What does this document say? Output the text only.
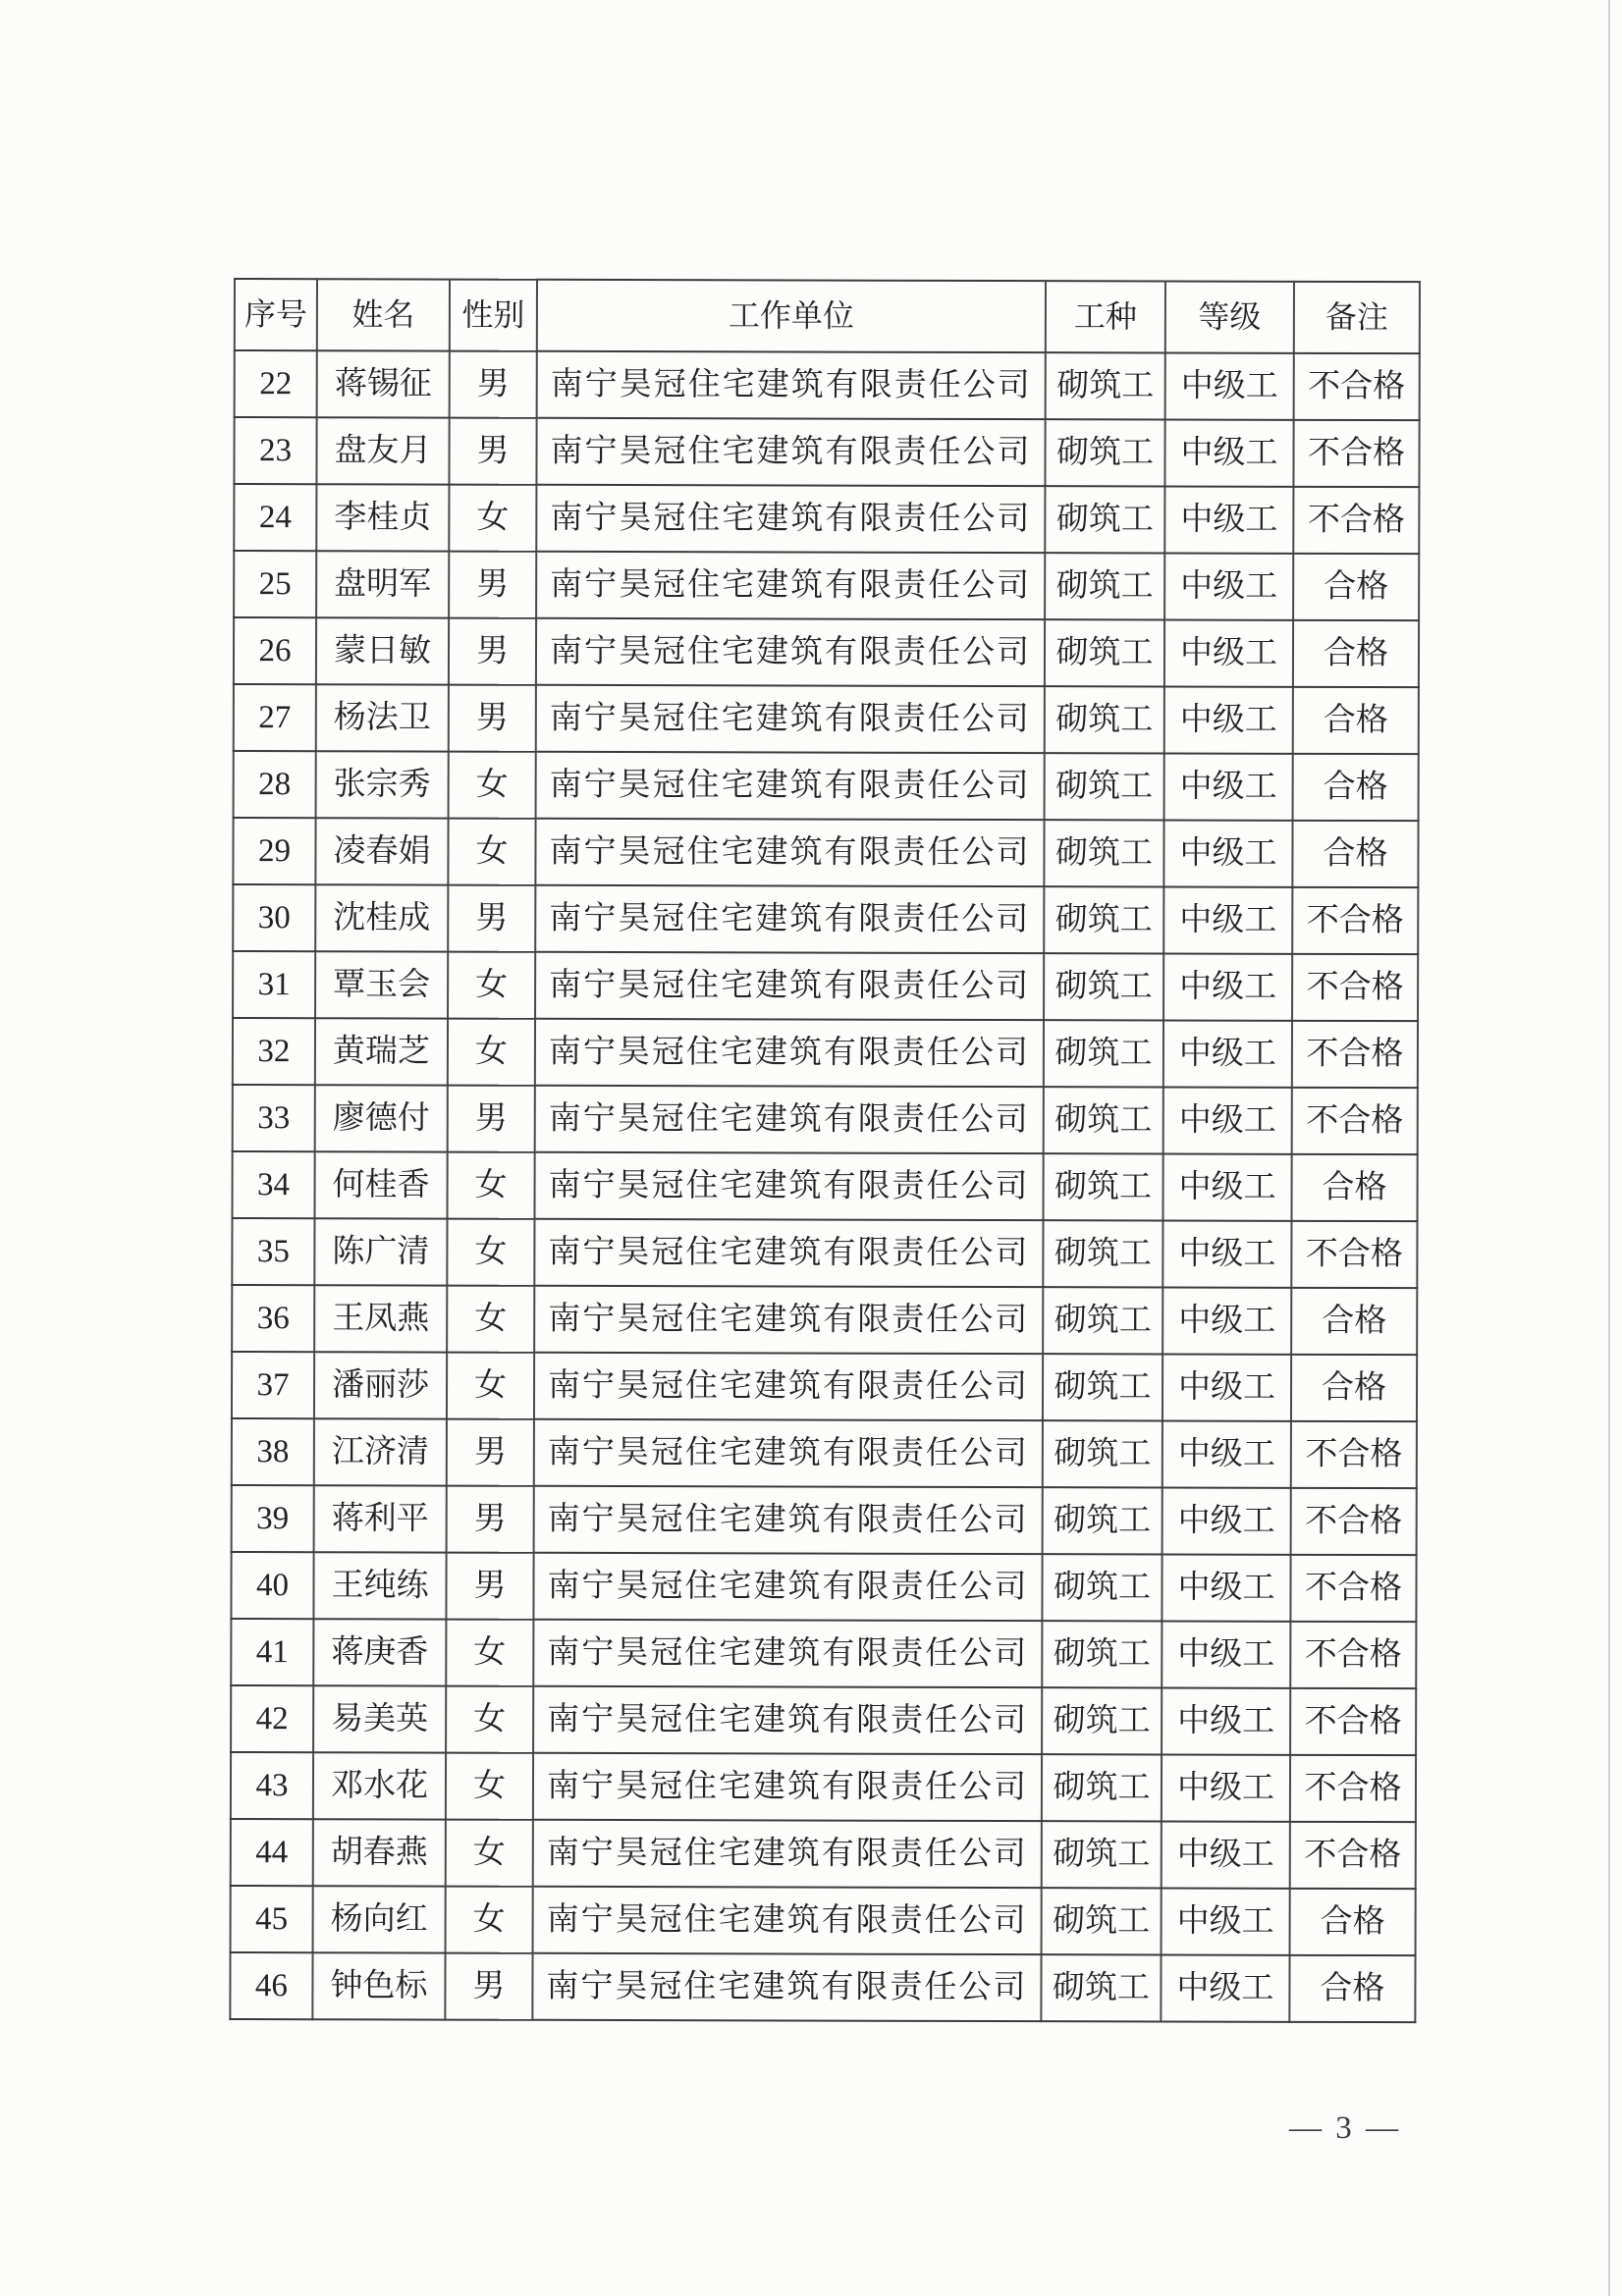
序号	姓名	性别	工作单位	工种	等级	备注
22	蒋锡征	男	南宁昊冠住宅建筑有限责任公司	砌筑工	中级工	不合格
23	盘友月	男	南宁昊冠住宅建筑有限责任公司	砌筑工	中级工	不合格
24	李桂贞	女	南宁昊冠住宅建筑有限责任公司	砌筑工	中级工	不合格
25	盘明军	男	南宁昊冠住宅建筑有限责任公司	砌筑工	中级工	合格
26	蒙日敏	男	南宁昊冠住宅建筑有限责任公司	砌筑工	中级工	合格
27	杨法卫	男	南宁昊冠住宅建筑有限责任公司	砌筑工	中级工	合格
28	张宗秀	女	南宁昊冠住宅建筑有限责任公司	砌筑工	中级工	合格
29	凌春娟	女	南宁昊冠住宅建筑有限责任公司	砌筑工	中级工	合格
30	沈桂成	男	南宁昊冠住宅建筑有限责任公司	砌筑工	中级工	不合格
31	覃玉会	女	南宁昊冠住宅建筑有限责任公司	砌筑工	中级工	不合格
32	黄瑞芝	女	南宁昊冠住宅建筑有限责任公司	砌筑工	中级工	不合格
33	廖德付	男	南宁昊冠住宅建筑有限责任公司	砌筑工	中级工	不合格
34	何桂香	女	南宁昊冠住宅建筑有限责任公司	砌筑工	中级工	合格
35	陈广清	女	南宁昊冠住宅建筑有限责任公司	砌筑工	中级工	不合格
36	王凤燕	女	南宁昊冠住宅建筑有限责任公司	砌筑工	中级工	合格
37	潘丽莎	女	南宁昊冠住宅建筑有限责任公司	砌筑工	中级工	合格
38	江济清	男	南宁昊冠住宅建筑有限责任公司	砌筑工	中级工	不合格
39	蒋利平	男	南宁昊冠住宅建筑有限责任公司	砌筑工	中级工	不合格
40	王纯练	男	南宁昊冠住宅建筑有限责任公司	砌筑工	中级工	不合格
41	蒋庚香	女	南宁昊冠住宅建筑有限责任公司	砌筑工	中级工	不合格
42	易美英	女	南宁昊冠住宅建筑有限责任公司	砌筑工	中级工	不合格
43	邓水花	女	南宁昊冠住宅建筑有限责任公司	砌筑工	中级工	不合格
44	胡春燕	女	南宁昊冠住宅建筑有限责任公司	砌筑工	中级工	不合格
45	杨向红	女	南宁昊冠住宅建筑有限责任公司	砌筑工	中级工	合格
46	钟色标	男	南宁昊冠住宅建筑有限责任公司	砌筑工	中级工	合格
— 3 —
